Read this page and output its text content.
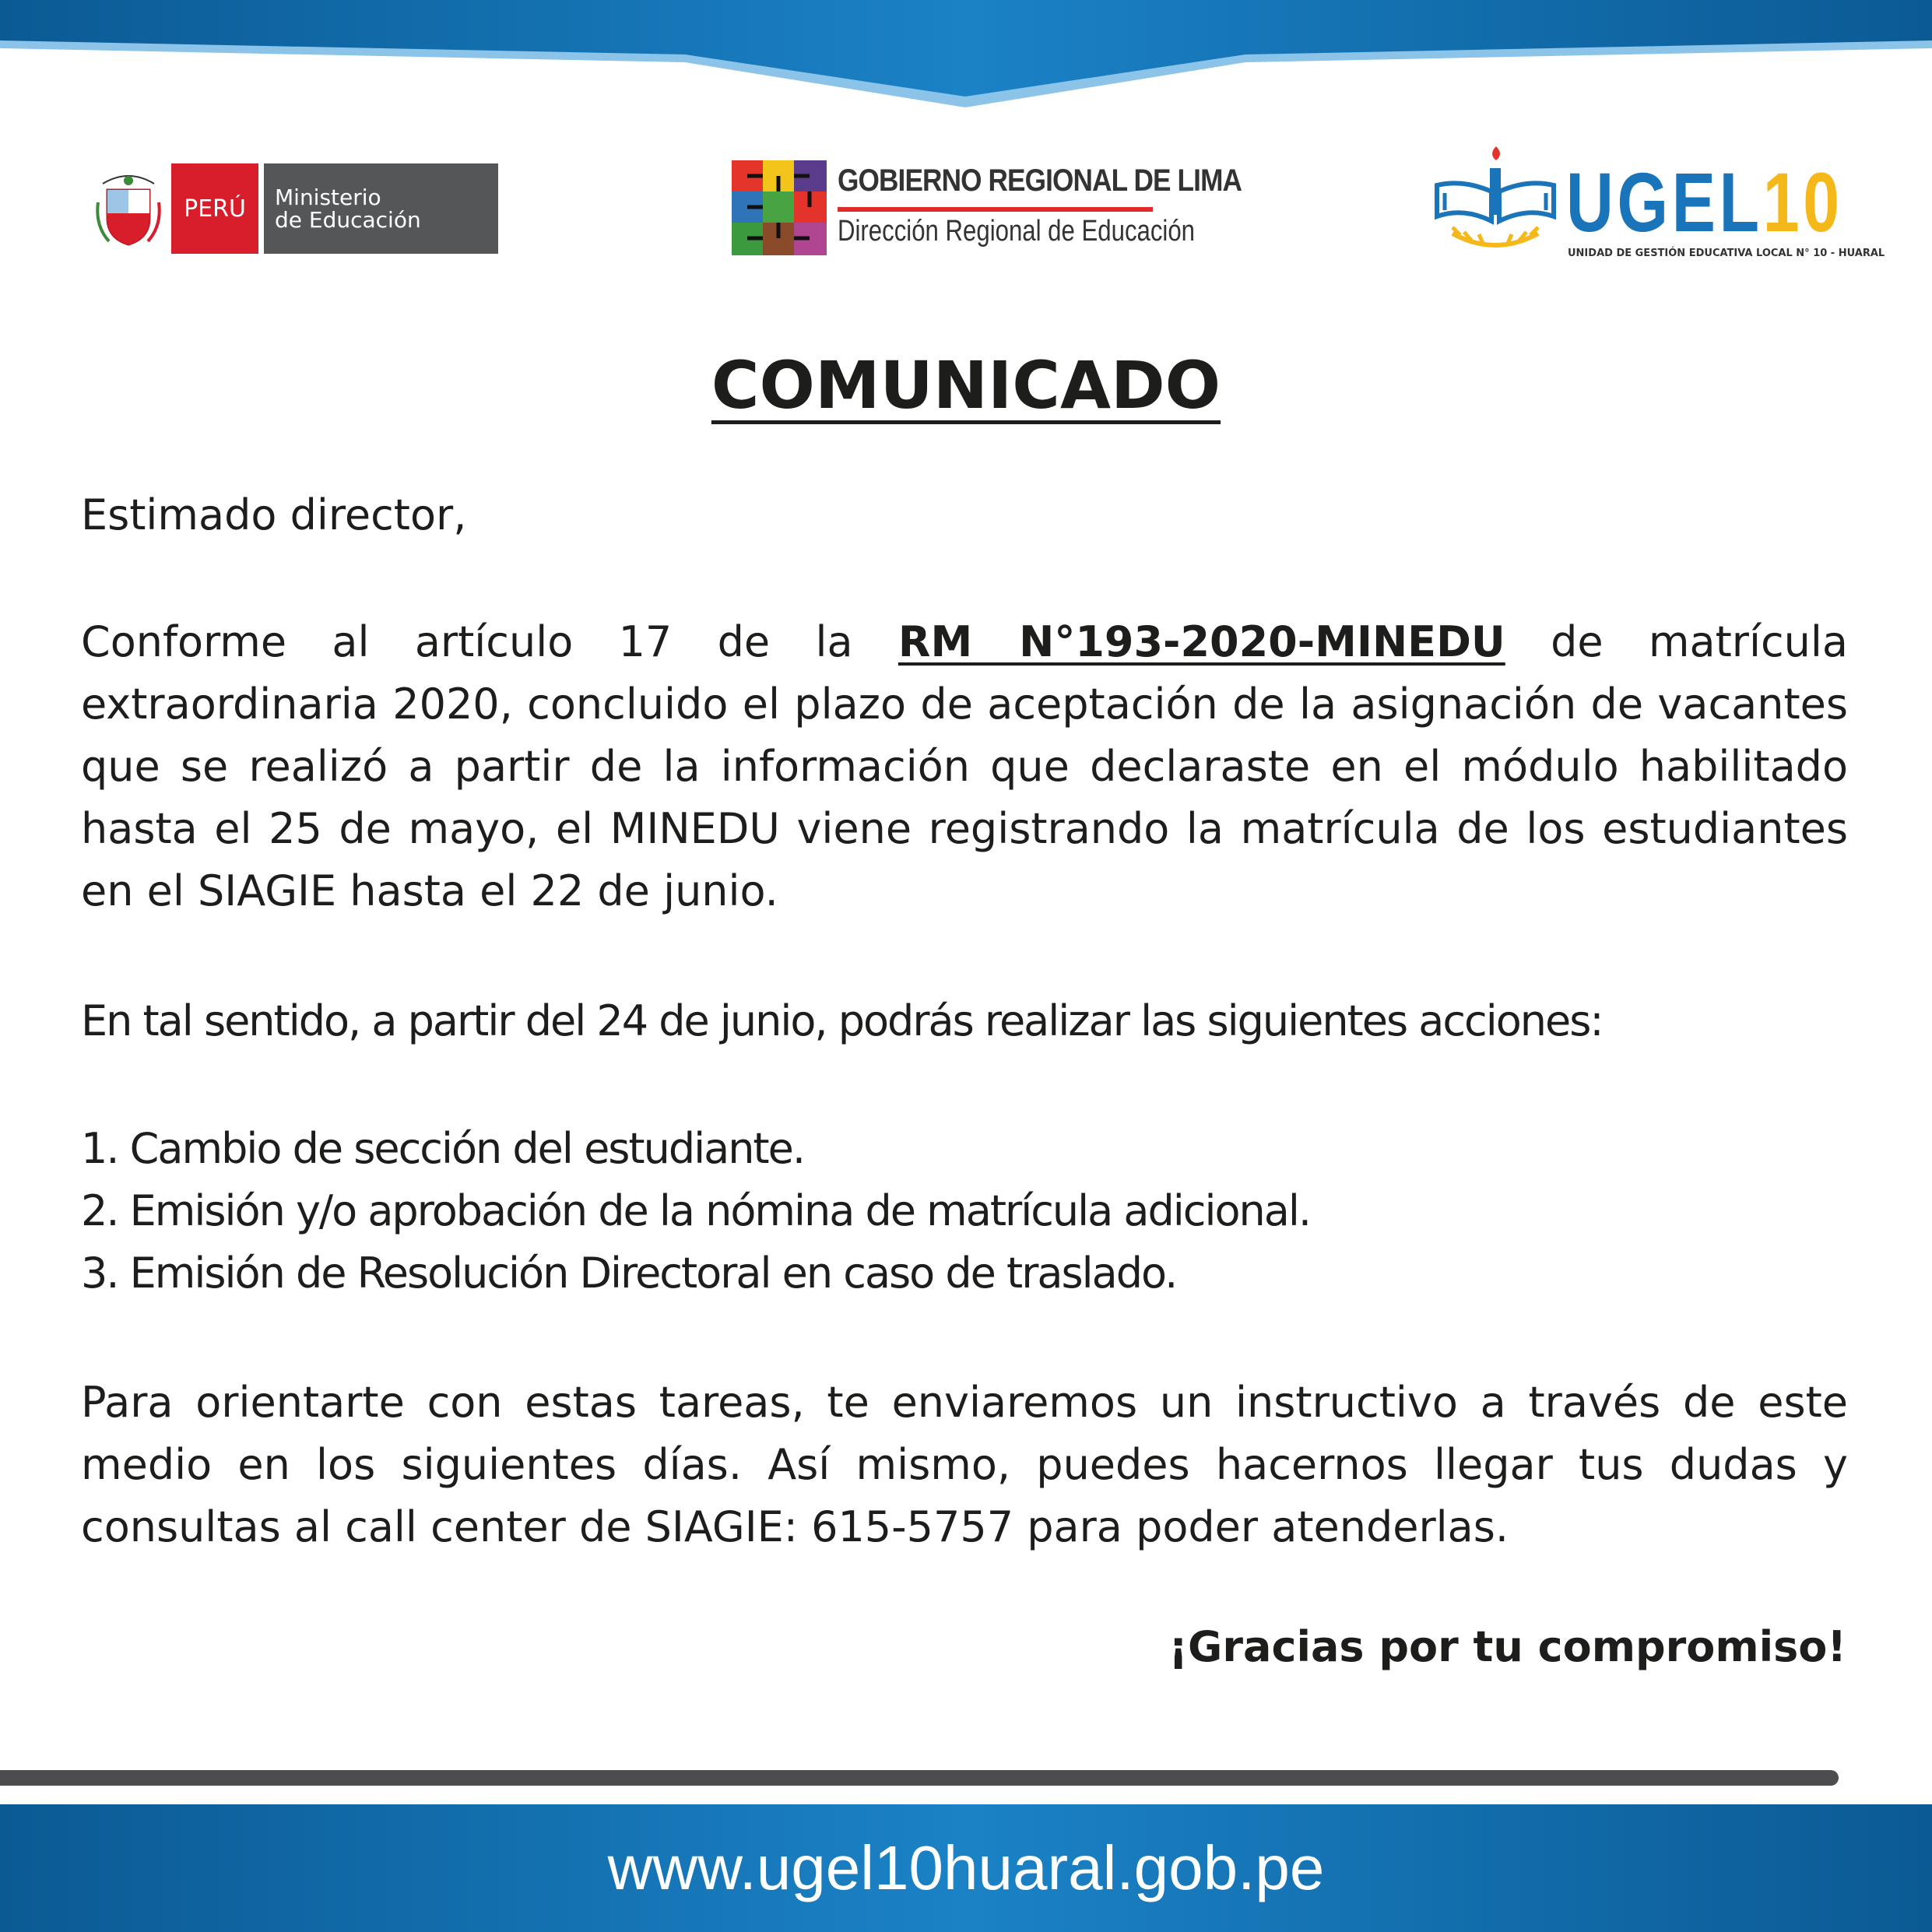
PERÚ	Ministerio
de Educación
GOBIERNO REGIONAL DE LIMA
Dirección Regional de Educación	UGEL10
UNIDAD DE GESTIÓN EDUCATIVA LOCAL N° 10 - HUARAL
COMUNICADO

Estimado director,

Conforme al artículo 17 de la RM N°193-2020-MINEDU de matrícula extraordinaria 2020, concluido el plazo de aceptación de la asignación de vacantes que se realizó a partir de la información que declaraste en el módulo habilitado hasta el 25 de mayo, el MINEDU viene registrando la matrícula de los estudiantes en el SIAGIE hasta el 22 de junio.

En tal sentido, a partir del 24 de junio, podrás realizar las siguientes acciones:

1. Cambio de sección del estudiante.
2. Emisión y/o aprobación de la nómina de matrícula adicional.
3. Emisión de Resolución Directoral en caso de traslado.

Para orientarte con estas tareas, te enviaremos un instructivo a través de este medio en los siguientes días. Así mismo, puedes hacernos llegar tus dudas y consultas al call center de SIAGIE: 615-5757 para poder atenderlas.

¡Gracias por tu compromiso!

www.ugel10huaral.gob.pe
